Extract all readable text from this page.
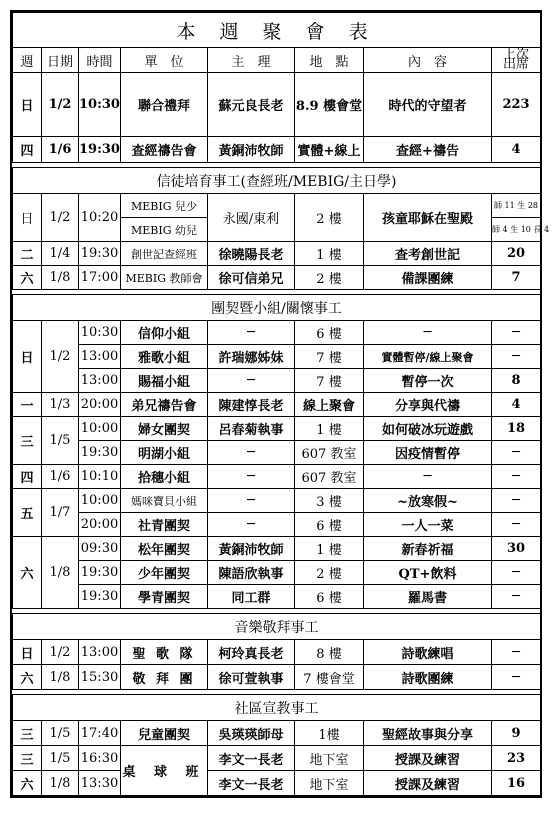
本 週 聚 會 表							
週	日期	時間	單　位	主　理	地　點	內　容	上次出席
日	1/2	10:30	聯合禮拜	蘇元良長老	8.9 樓會堂	時代的守望者	223
四	1/6	19:30	查經禱告會	黃銅沛牧師	實體+線上	查經+禱告	4

信徒培育事工(查經班/MEBIG/主日學)							
日	1/2	10:20	MEBIG 兒少	永國/東利	2 樓	孩童耶穌在聖殿	師 11 生 28
			MEBIG 幼兒				師 4 生 10 長 4
二	1/4	19:30	創世記查經班	徐曉陽長老	1 樓	查考創世記	20
六	1/8	17:00	MEBIG 教師會	徐可信弟兄	2 樓	備課團練	7

團契暨小組/關懷事工							
日	1/2	10:30	信仰小組	─	6 樓	─	─
		13:00	雅歌小組	許瑞娜姊妹	7 樓	實體暫停/線上聚會	─
		13:00	賜福小組	─	7 樓	暫停一次	8
一	1/3	20:00	弟兄禱告會	陳建惇長老	線上聚會	分享與代禱	4
三	1/5	10:00	婦女團契	呂春菊執事	1 樓	如何破冰玩遊戲	18
		19:30	明湖小組	─	607 教室	因疫情暫停	─
四	1/6	10:10	拾穗小組	─	607 教室	─	─
五	1/7	10:00	媽咪寶貝小組	─	3 樓	~放寒假~	─
		20:00	社青團契	─	6 樓	一人一菜	─
六	1/8	09:30	松年團契	黃銅沛牧師	1 樓	新春祈福	30
		19:30	少年團契	陳語欣執事	2 樓	QT+飲料	─
		19:30	學青團契	同工群	6 樓	羅馬書	─

音樂敬拜事工							
日	1/2	13:00	聖 歌 隊	柯玲真長老	8 樓	詩歌練唱	─
六	1/8	15:30	敬 拜 團	徐可萱執事	7 樓會堂	詩歌團練	─

社區宣教事工							
三	1/5	17:40	兒童團契	吳瑛瑛師母	1樓	聖經故事與分享	9
三	1/5	16:30	桌 球 班	李文一長老	地下室	授課及練習	23
六	1/8	13:30		李文一長老	地下室	授課及練習	16
